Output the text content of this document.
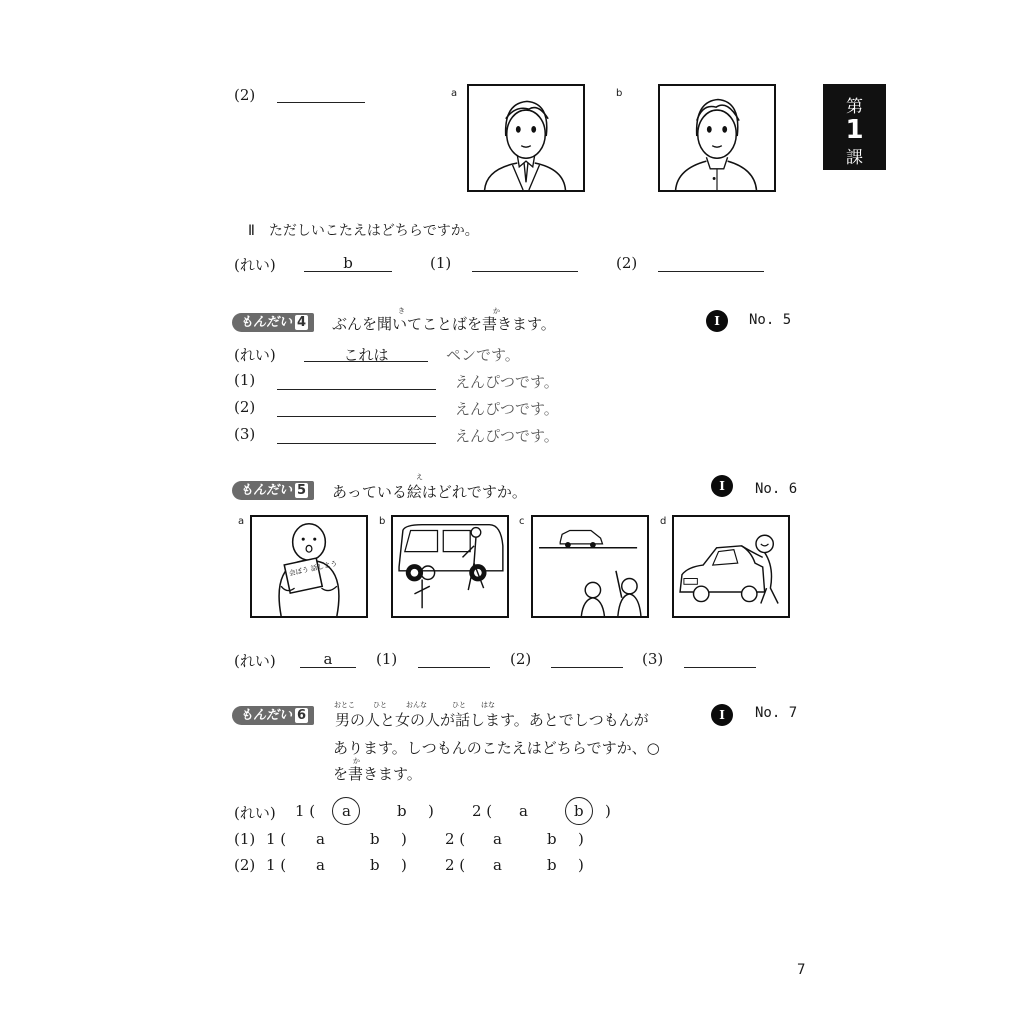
第
1
課
(2)	a	b
Ⅱ　ただしいこたえはどちらですか。
(れい)	b	(1)	(2)
もんだい 4
き	か
ぶんを聞いてことばを書きます。	Ⅰ	No. 5
(れい)	これは	ペンです。
(1)	えんぴつです。
(2)	えんぴつです。
(3)	えんぴつです。
もんだい 5
え
あっている絵はどれですか。	Ⅰ	No. 6
a
会ぼう 話しよう
b	c	d
(れい)	a	(1)	(2)	(3)
もんだい 6
おとこ	ひと	おんな	ひと はな
男の人と女の人が話します。あとでしつもんが
あります。しつもんのこたえはどちらですか、○
か
を書きます。
Ⅰ	No. 7
(れい) 1 ( a	b )	2 ( a	b )
(1) 1 ( a	b )	2 ( a	b )
(2) 1 ( a	b )	2 ( a	b )
7
